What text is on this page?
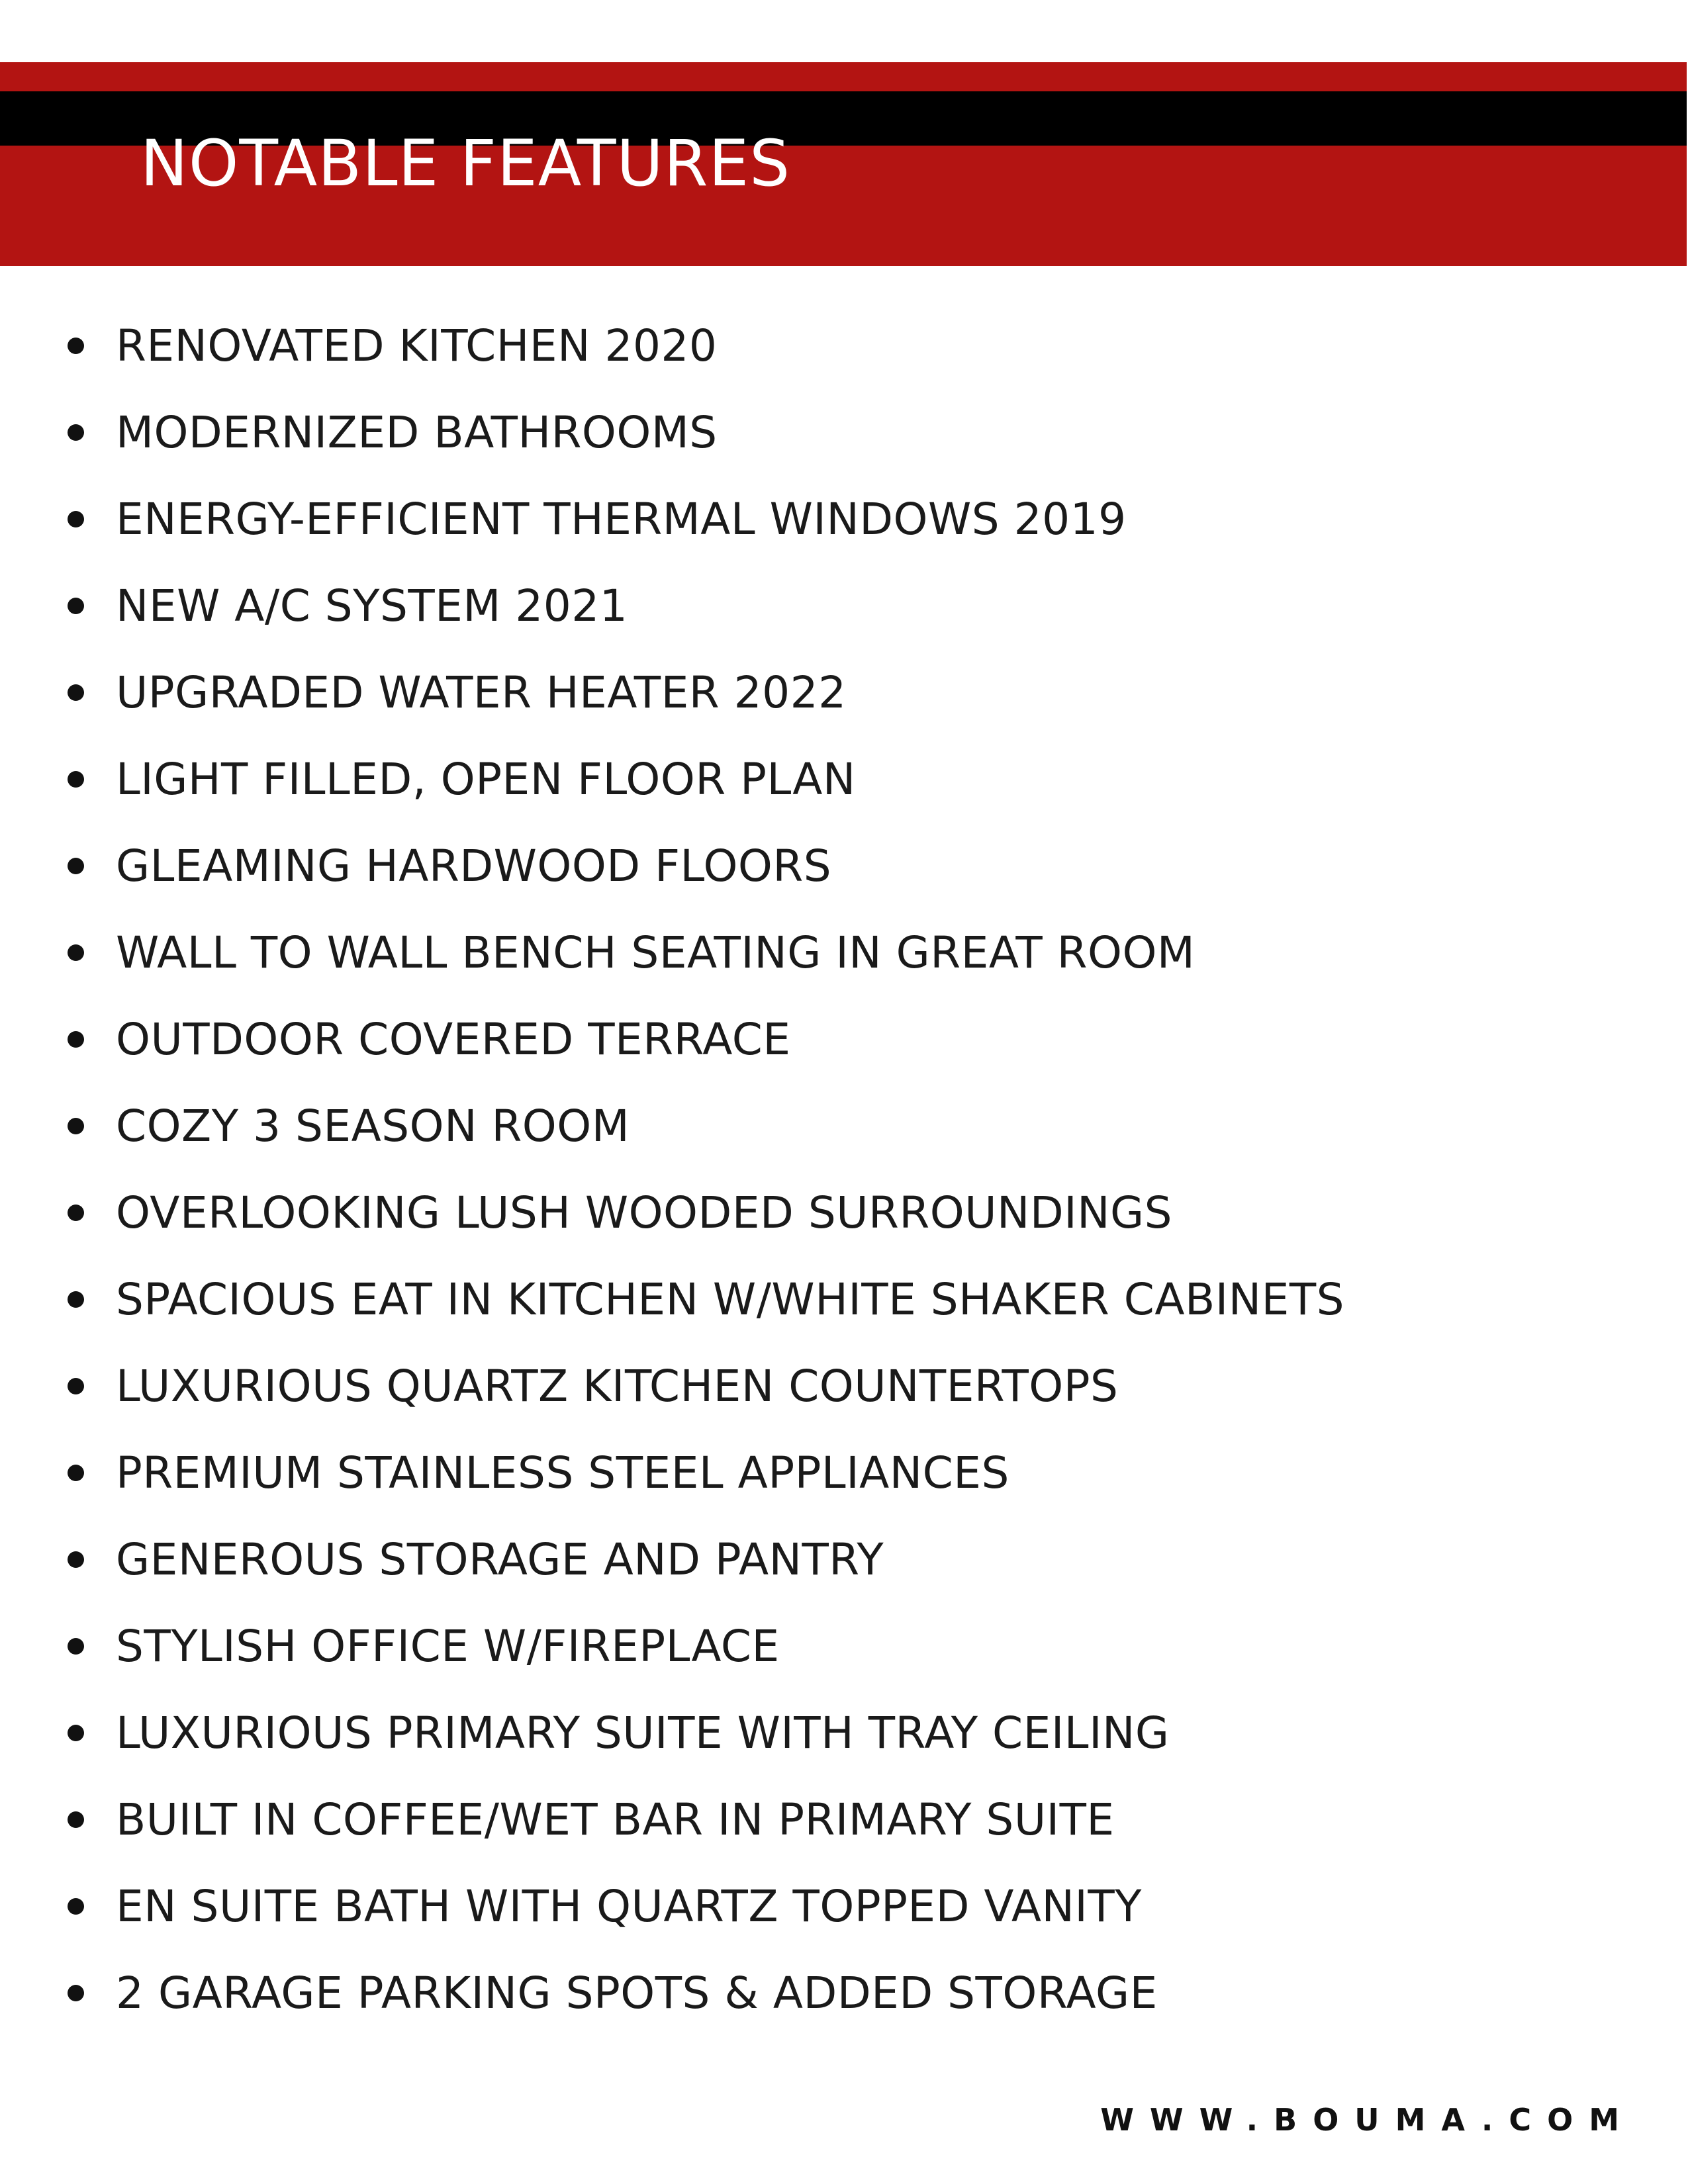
NOTABLE FEATURES
RENOVATED KITCHEN 2020
MODERNIZED BATHROOMS
ENERGY-EFFICIENT THERMAL WINDOWS 2019
NEW A/C SYSTEM 2021
UPGRADED WATER HEATER 2022
LIGHT FILLED, OPEN FLOOR PLAN
GLEAMING HARDWOOD FLOORS
WALL TO WALL BENCH SEATING IN GREAT ROOM
OUTDOOR COVERED TERRACE
COZY 3 SEASON ROOM
OVERLOOKING LUSH WOODED SURROUNDINGS
SPACIOUS EAT IN KITCHEN W/WHITE SHAKER CABINETS
LUXURIOUS QUARTZ KITCHEN COUNTERTOPS
PREMIUM STAINLESS STEEL APPLIANCES
GENEROUS STORAGE AND PANTRY
STYLISH OFFICE W/FIREPLACE
LUXURIOUS PRIMARY SUITE WITH TRAY CEILING
BUILT IN COFFEE/WET BAR IN PRIMARY SUITE
EN SUITE BATH WITH QUARTZ TOPPED VANITY
2 GARAGE PARKING SPOTS & ADDED STORAGE
WWW.BOUMA.COM
